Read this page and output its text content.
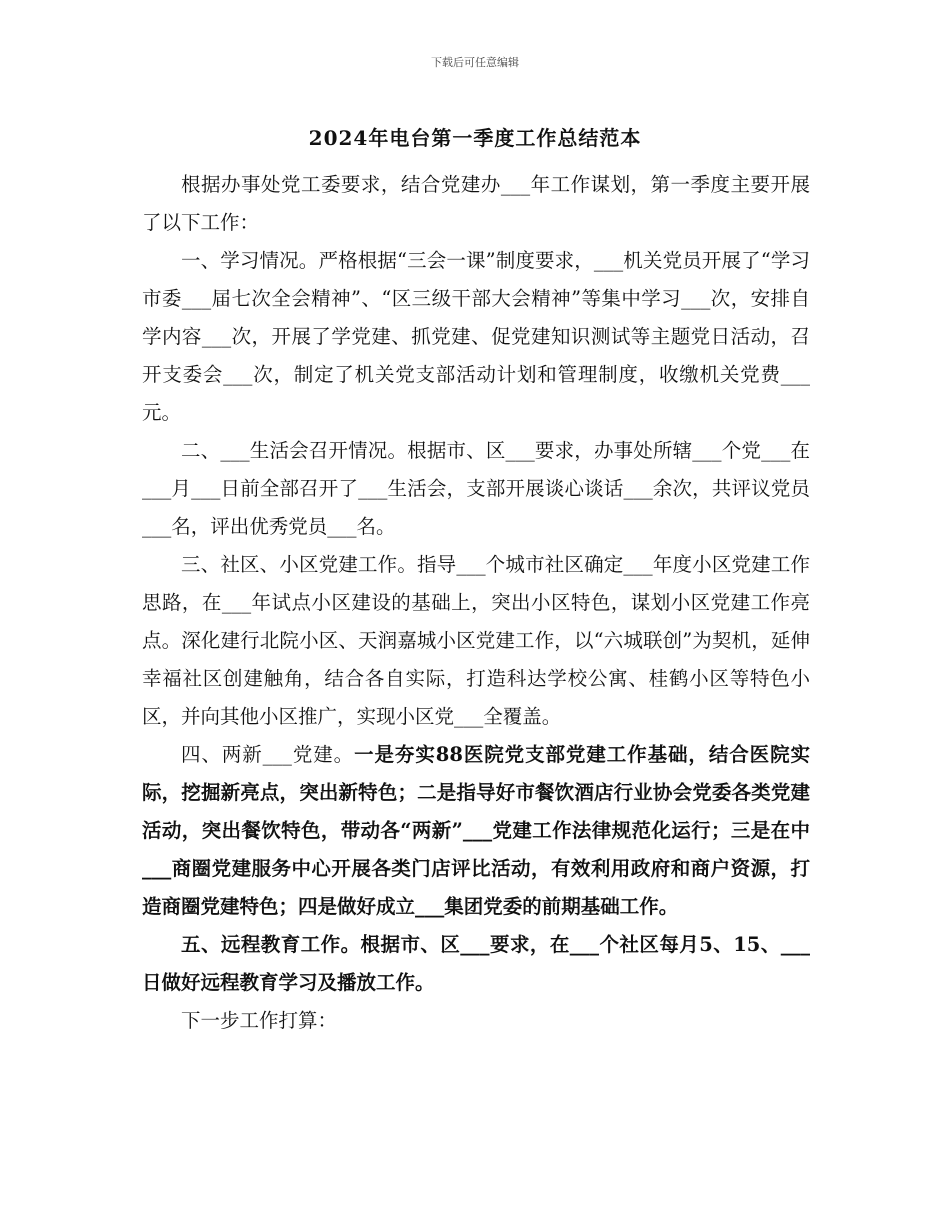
下载后可任意编辑
2024年电台第一季度工作总结范本

根据办事处党工委要求，结合党建办___年工作谋划，第一季度主要开展了以下工作：

一、学习情况。严格根据“三会一课”制度要求，___机关党员开展了“学习市委___届七次全会精神”、“区三级干部大会精神”等集中学习___次，安排自学内容___次，开展了学党建、抓党建、促党建知识测试等主题党日活动，召开支委会___次，制定了机关党支部活动计划和管理制度，收缴机关党费___元。

二、___生活会召开情况。根据市、区___要求，办事处所辖___个党___在___月___日前全部召开了___生活会，支部开展谈心谈话___余次，共评议党员___名，评出优秀党员___名。

三、社区、小区党建工作。指导___个城市社区确定___年度小区党建工作思路，在___年试点小区建设的基础上，突出小区特色，谋划小区党建工作亮点。深化建行北院小区、天润嘉城小区党建工作，以“六城联创”为契机，延伸幸福社区创建触角，结合各自实际，打造科达学校公寓、桂鹤小区等特色小区，并向其他小区推广，实现小区党___全覆盖。

四、两新___党建。一是夯实88医院党支部党建工作基础，结合医院实际，挖掘新亮点，突出新特色；二是指导好市餐饮酒店行业协会党委各类党建活动，突出餐饮特色，带动各“两新”___党建工作法律规范化运行；三是在中___商圈党建服务中心开展各类门店评比活动，有效利用政府和商户资源，打造商圈党建特色；四是做好成立___集团党委的前期基础工作。

五、远程教育工作。根据市、区___要求，在___个社区每月5、15、___日做好远程教育学习及播放工作。

下一步工作打算：
